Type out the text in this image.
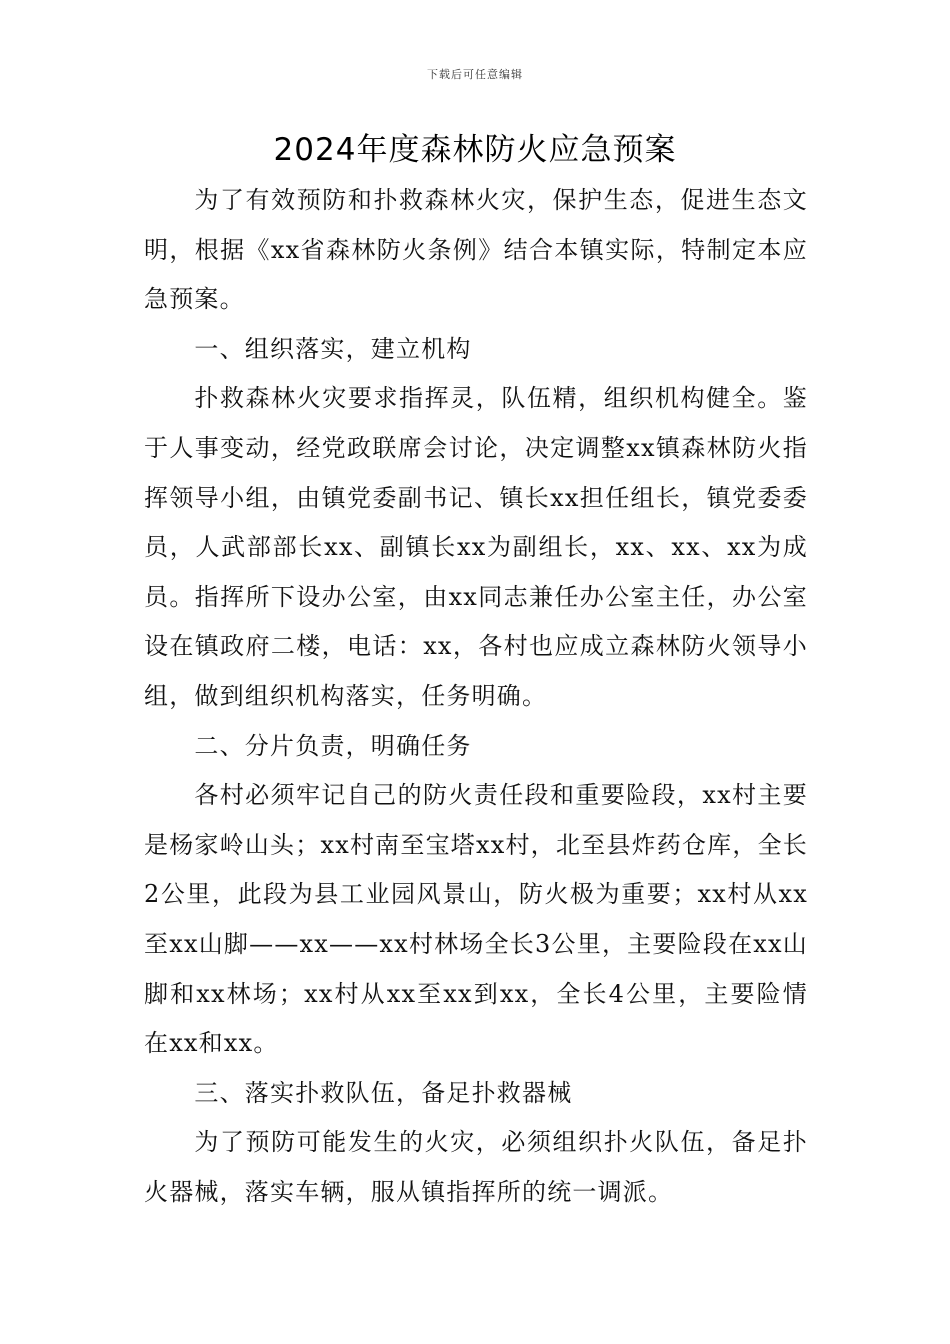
下载后可任意编辑
2024年度森林防火应急预案

为了有效预防和扑救森林火灾，保护生态，促进生态文明，根据《xx省森林防火条例》结合本镇实际，特制定本应急预案。

一、组织落实，建立机构

扑救森林火灾要求指挥灵，队伍精，组织机构健全。鉴于人事变动，经党政联席会讨论，决定调整xx镇森林防火指挥领导小组，由镇党委副书记、镇长xx担任组长，镇党委委员，人武部部长xx、副镇长xx为副组长，xx、xx、xx为成员。指挥所下设办公室，由xx同志兼任办公室主任，办公室设在镇政府二楼，电话：xx，各村也应成立森林防火领导小组，做到组织机构落实，任务明确。

二、分片负责，明确任务

各村必须牢记自己的防火责任段和重要险段，xx村主要是杨家岭山头；xx村南至宝塔xx村，北至县炸药仓库，全长2公里，此段为县工业园风景山，防火极为重要；xx村从xx至xx山脚——xx——xx村林场全长3公里，主要险段在xx山脚和xx林场；xx村从xx至xx到xx，全长4公里，主要险情在xx和xx。

三、落实扑救队伍，备足扑救器械

为了预防可能发生的火灾，必须组织扑火队伍，备足扑火器械，落实车辆，服从镇指挥所的统一调派。
